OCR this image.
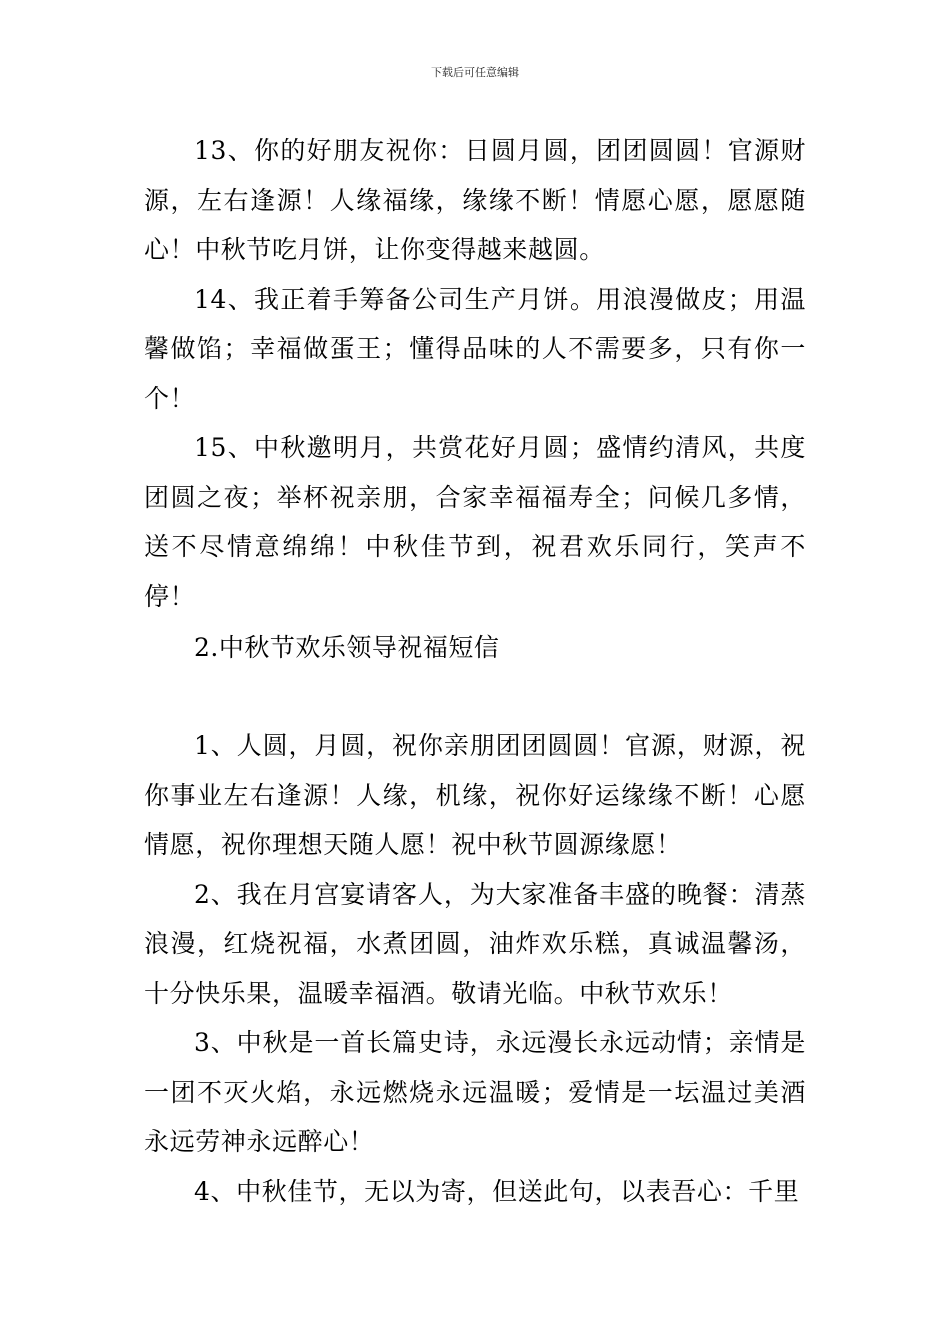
下载后可任意编辑

13、你的好朋友祝你：日圆月圆，团团圆圆！官源财源，左右逢源！人缘福缘，缘缘不断！情愿心愿，愿愿随心！中秋节吃月饼，让你变得越来越圆。

14、我正着手筹备公司生产月饼。用浪漫做皮；用温馨做馅；幸福做蛋王；懂得品味的人不需要多，只有你一个！

15、中秋邀明月，共赏花好月圆；盛情约清风，共度团圆之夜；举杯祝亲朋，合家幸福福寿全；问候几多情，送不尽情意绵绵！中秋佳节到，祝君欢乐同行，笑声不停！

2.中秋节欢乐领导祝福短信

1、人圆，月圆，祝你亲朋团团圆圆！官源，财源，祝你事业左右逢源！人缘，机缘，祝你好运缘缘不断！心愿情愿，祝你理想天随人愿！祝中秋节圆源缘愿！

2、我在月宫宴请客人，为大家准备丰盛的晚餐：清蒸浪漫，红烧祝福，水煮团圆，油炸欢乐糕，真诚温馨汤，十分快乐果，温暖幸福酒。敬请光临。中秋节欢乐！

3、中秋是一首长篇史诗，永远漫长永远动情；亲情是一团不灭火焰，永远燃烧永远温暖；爱情是一坛温过美酒永远劳神永远醉心！

4、中秋佳节，无以为寄，但送此句，以表吾心：千里
